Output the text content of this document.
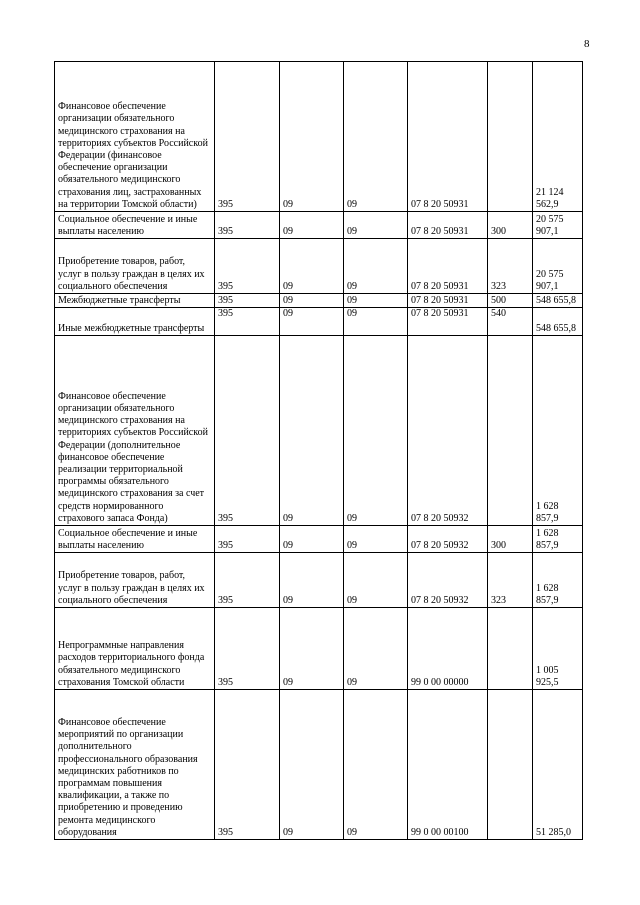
8
Финансовое обеспечение организации обязательного медицинского страхования на территориях субъектов Российской Федерации (финансовое обеспечение организации обязательного медицинского страхования лиц, застрахованных на территории Томской области)	395	09	09	07 8 20 50931		21 124 562,9
Социальное обеспечение и иные выплаты населению	395	09	09	07 8 20 50931	300	20 575 907,1
Приобретение товаров, работ, услуг в пользу граждан в целях их социального обеспечения	395	09	09	07 8 20 50931	323	20 575 907,1
Межбюджетные трансферты	395	09	09	07 8 20 50931	500	548 655,8
Иные межбюджетные трансферты	395	09	09	07 8 20 50931	540	548 655,8
Финансовое обеспечение организации обязательного медицинского страхования на территориях субъектов Российской Федерации (дополнительное финансовое обеспечение реализации территориальной программы обязательного медицинского страхования за счет средств нормированного страхового запаса Фонда)	395	09	09	07 8 20 50932		1 628 857,9
Социальное обеспечение и иные выплаты населению	395	09	09	07 8 20 50932	300	1 628 857,9
Приобретение товаров, работ, услуг в пользу граждан в целях их социального обеспечения	395	09	09	07 8 20 50932	323	1 628 857,9
Непрограммные направления расходов территориального фонда обязательного медицинского страхования Томской области	395	09	09	99 0 00 00000		1 005 925,5
Финансовое обеспечение мероприятий по организации дополнительного профессионального образования медицинских работников по программам повышения квалификации, а также по приобретению и проведению ремонта медицинского оборудования	395	09	09	99 0 00 00100		51 285,0
